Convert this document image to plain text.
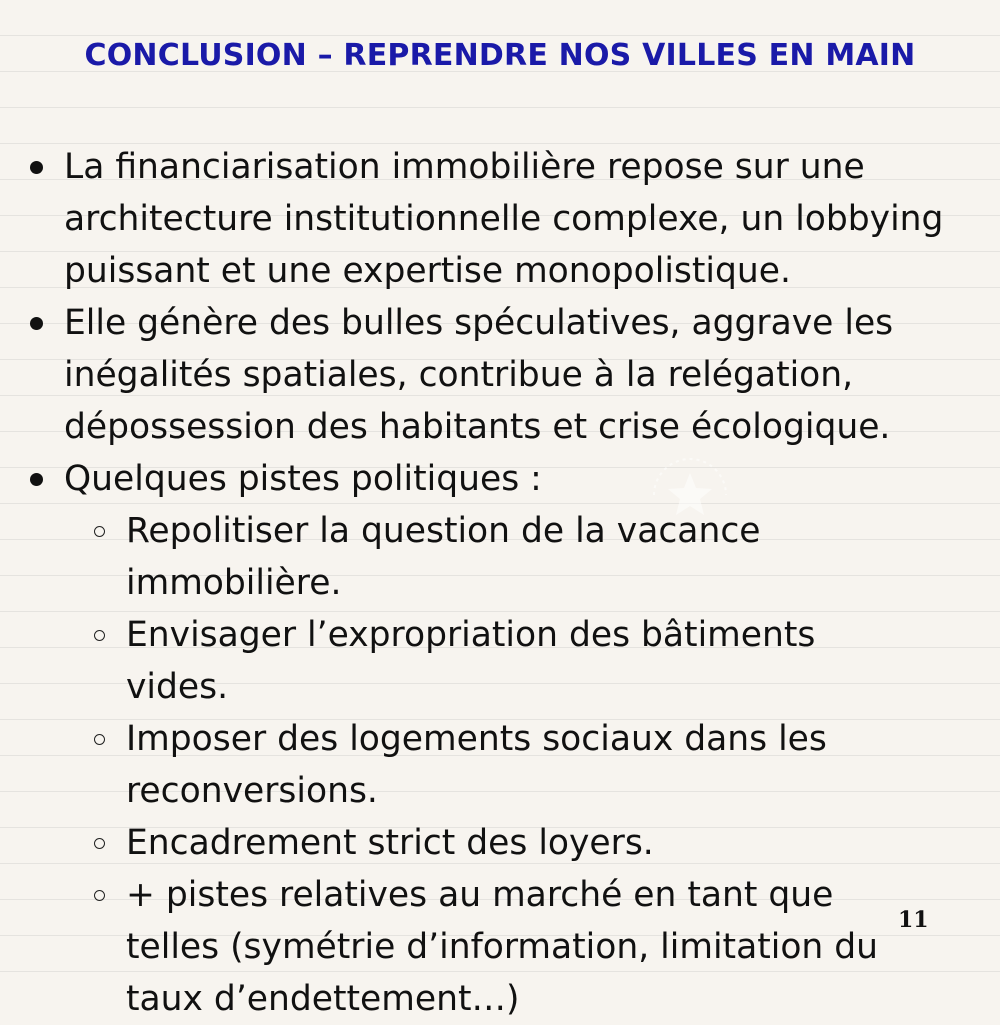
CONCLUSION – REPRENDRE NOS VILLES EN MAIN
La financiarisation immobilière repose sur une architecture institutionnelle complexe, un lobbying puissant et une expertise monopolistique.
Elle génère des bulles spéculatives, aggrave les inégalités spatiales, contribue à la relégation, dépossession des habitants et crise écologique.
Quelques pistes politiques :
Repolitiser la question de la vacance immobilière.
Envisager l’expropriation des bâtiments vides.
Imposer des logements sociaux dans les reconversions.
Encadrement strict des loyers.
+ pistes relatives au marché en tant que telles (symétrie d’information, limitation du taux d’endettement…)
11
